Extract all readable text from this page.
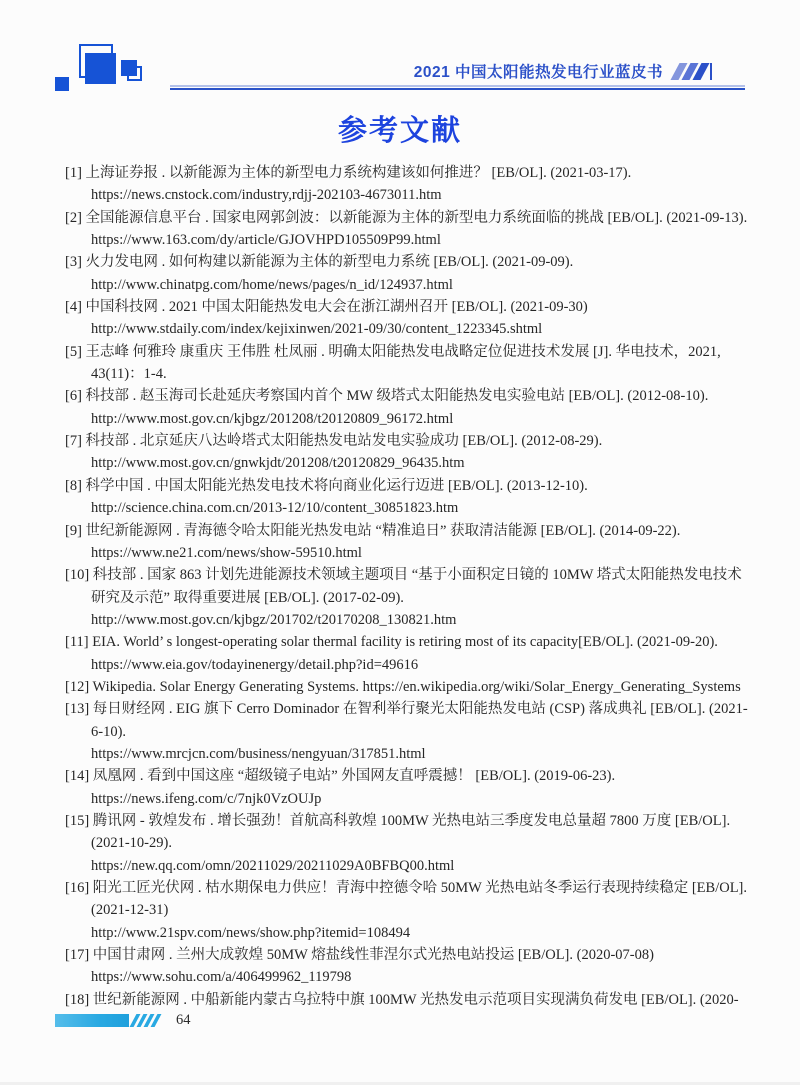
2021 中国太阳能热发电行业蓝皮书
参考文献
[1] 上海证券报 . 以新能源为主体的新型电力系统构建该如何推进？ [EB/OL]. (2021-03-17).
https://news.cnstock.com/industry,rdjj-202103-4673011.htm
[2] 全国能源信息平台 . 国家电网郭剑波：以新能源为主体的新型电力系统面临的挑战 [EB/OL]. (2021-09-13).
https://www.163.com/dy/article/GJOVHPD105509P99.html
[3] 火力发电网 . 如何构建以新能源为主体的新型电力系统 [EB/OL]. (2021-09-09).
http://www.chinatpg.com/home/news/pages/n_id/124937.html
[4] 中国科技网 . 2021 中国太阳能热发电大会在浙江湖州召开 [EB/OL]. (2021-09-30)
http://www.stdaily.com/index/kejixinwen/2021-09/30/content_1223345.shtml
[5] 王志峰 何雅玲 康重庆 王伟胜 杜凤丽 . 明确太阳能热发电战略定位促进技术发展 [J]. 华电技术，2021,
43(11)：1-4.
[6] 科技部 . 赵玉海司长赴延庆考察国内首个 MW 级塔式太阳能热发电实验电站 [EB/OL]. (2012-08-10).
http://www.most.gov.cn/kjbgz/201208/t20120809_96172.html
[7] 科技部 . 北京延庆八达岭塔式太阳能热发电站发电实验成功 [EB/OL]. (2012-08-29).
http://www.most.gov.cn/gnwkjdt/201208/t20120829_96435.htm
[8] 科学中国 . 中国太阳能光热发电技术将向商业化运行迈进 [EB/OL]. (2013-12-10).
http://science.china.com.cn/2013-12/10/content_30851823.htm
[9] 世纪新能源网 . 青海德令哈太阳能光热发电站 “精准追日” 获取清洁能源 [EB/OL]. (2014-09-22).
https://www.ne21.com/news/show-59510.html
[10] 科技部 . 国家 863 计划先进能源技术领域主题项目 “基于小面积定日镜的 10MW 塔式太阳能热发电技术
研究及示范” 取得重要进展 [EB/OL]. (2017-02-09).
http://www.most.gov.cn/kjbgz/201702/t20170208_130821.htm
[11] EIA. World’ s longest-operating solar thermal facility is retiring most of its capacity[EB/OL]. (2021-09-20).
https://www.eia.gov/todayinenergy/detail.php?id=49616
[12] Wikipedia. Solar Energy Generating Systems. https://en.wikipedia.org/wiki/Solar_Energy_Generating_Systems
[13] 每日财经网 . EIG 旗下 Cerro Dominador 在智利举行聚光太阳能热发电站 (CSP) 落成典礼 [EB/OL]. (2021-
6-10).
https://www.mrcjcn.com/business/nengyuan/317851.html
[14] 凤凰网 . 看到中国这座 “超级镜子电站” 外国网友直呼震撼！ [EB/OL]. (2019-06-23).
https://news.ifeng.com/c/7njk0VzOUJp
[15] 腾讯网 - 敦煌发布 . 增长强劲！首航高科敦煌 100MW 光热电站三季度发电总量超 7800 万度 [EB/OL].
(2021-10-29).
https://new.qq.com/omn/20211029/20211029A0BFBQ00.html
[16] 阳光工匠光伏网 . 枯水期保电力供应！青海中控德令哈 50MW 光热电站冬季运行表现持续稳定 [EB/OL].
(2021-12-31)
http://www.21spv.com/news/show.php?itemid=108494
[17] 中国甘肃网 . 兰州大成敦煌 50MW 熔盐线性菲涅尔式光热电站投运 [EB/OL]. (2020-07-08)
https://www.sohu.com/a/406499962_119798
[18] 世纪新能源网 . 中船新能内蒙古乌拉特中旗 100MW 光热发电示范项目实现满负荷发电 [EB/OL]. (2020-
64
